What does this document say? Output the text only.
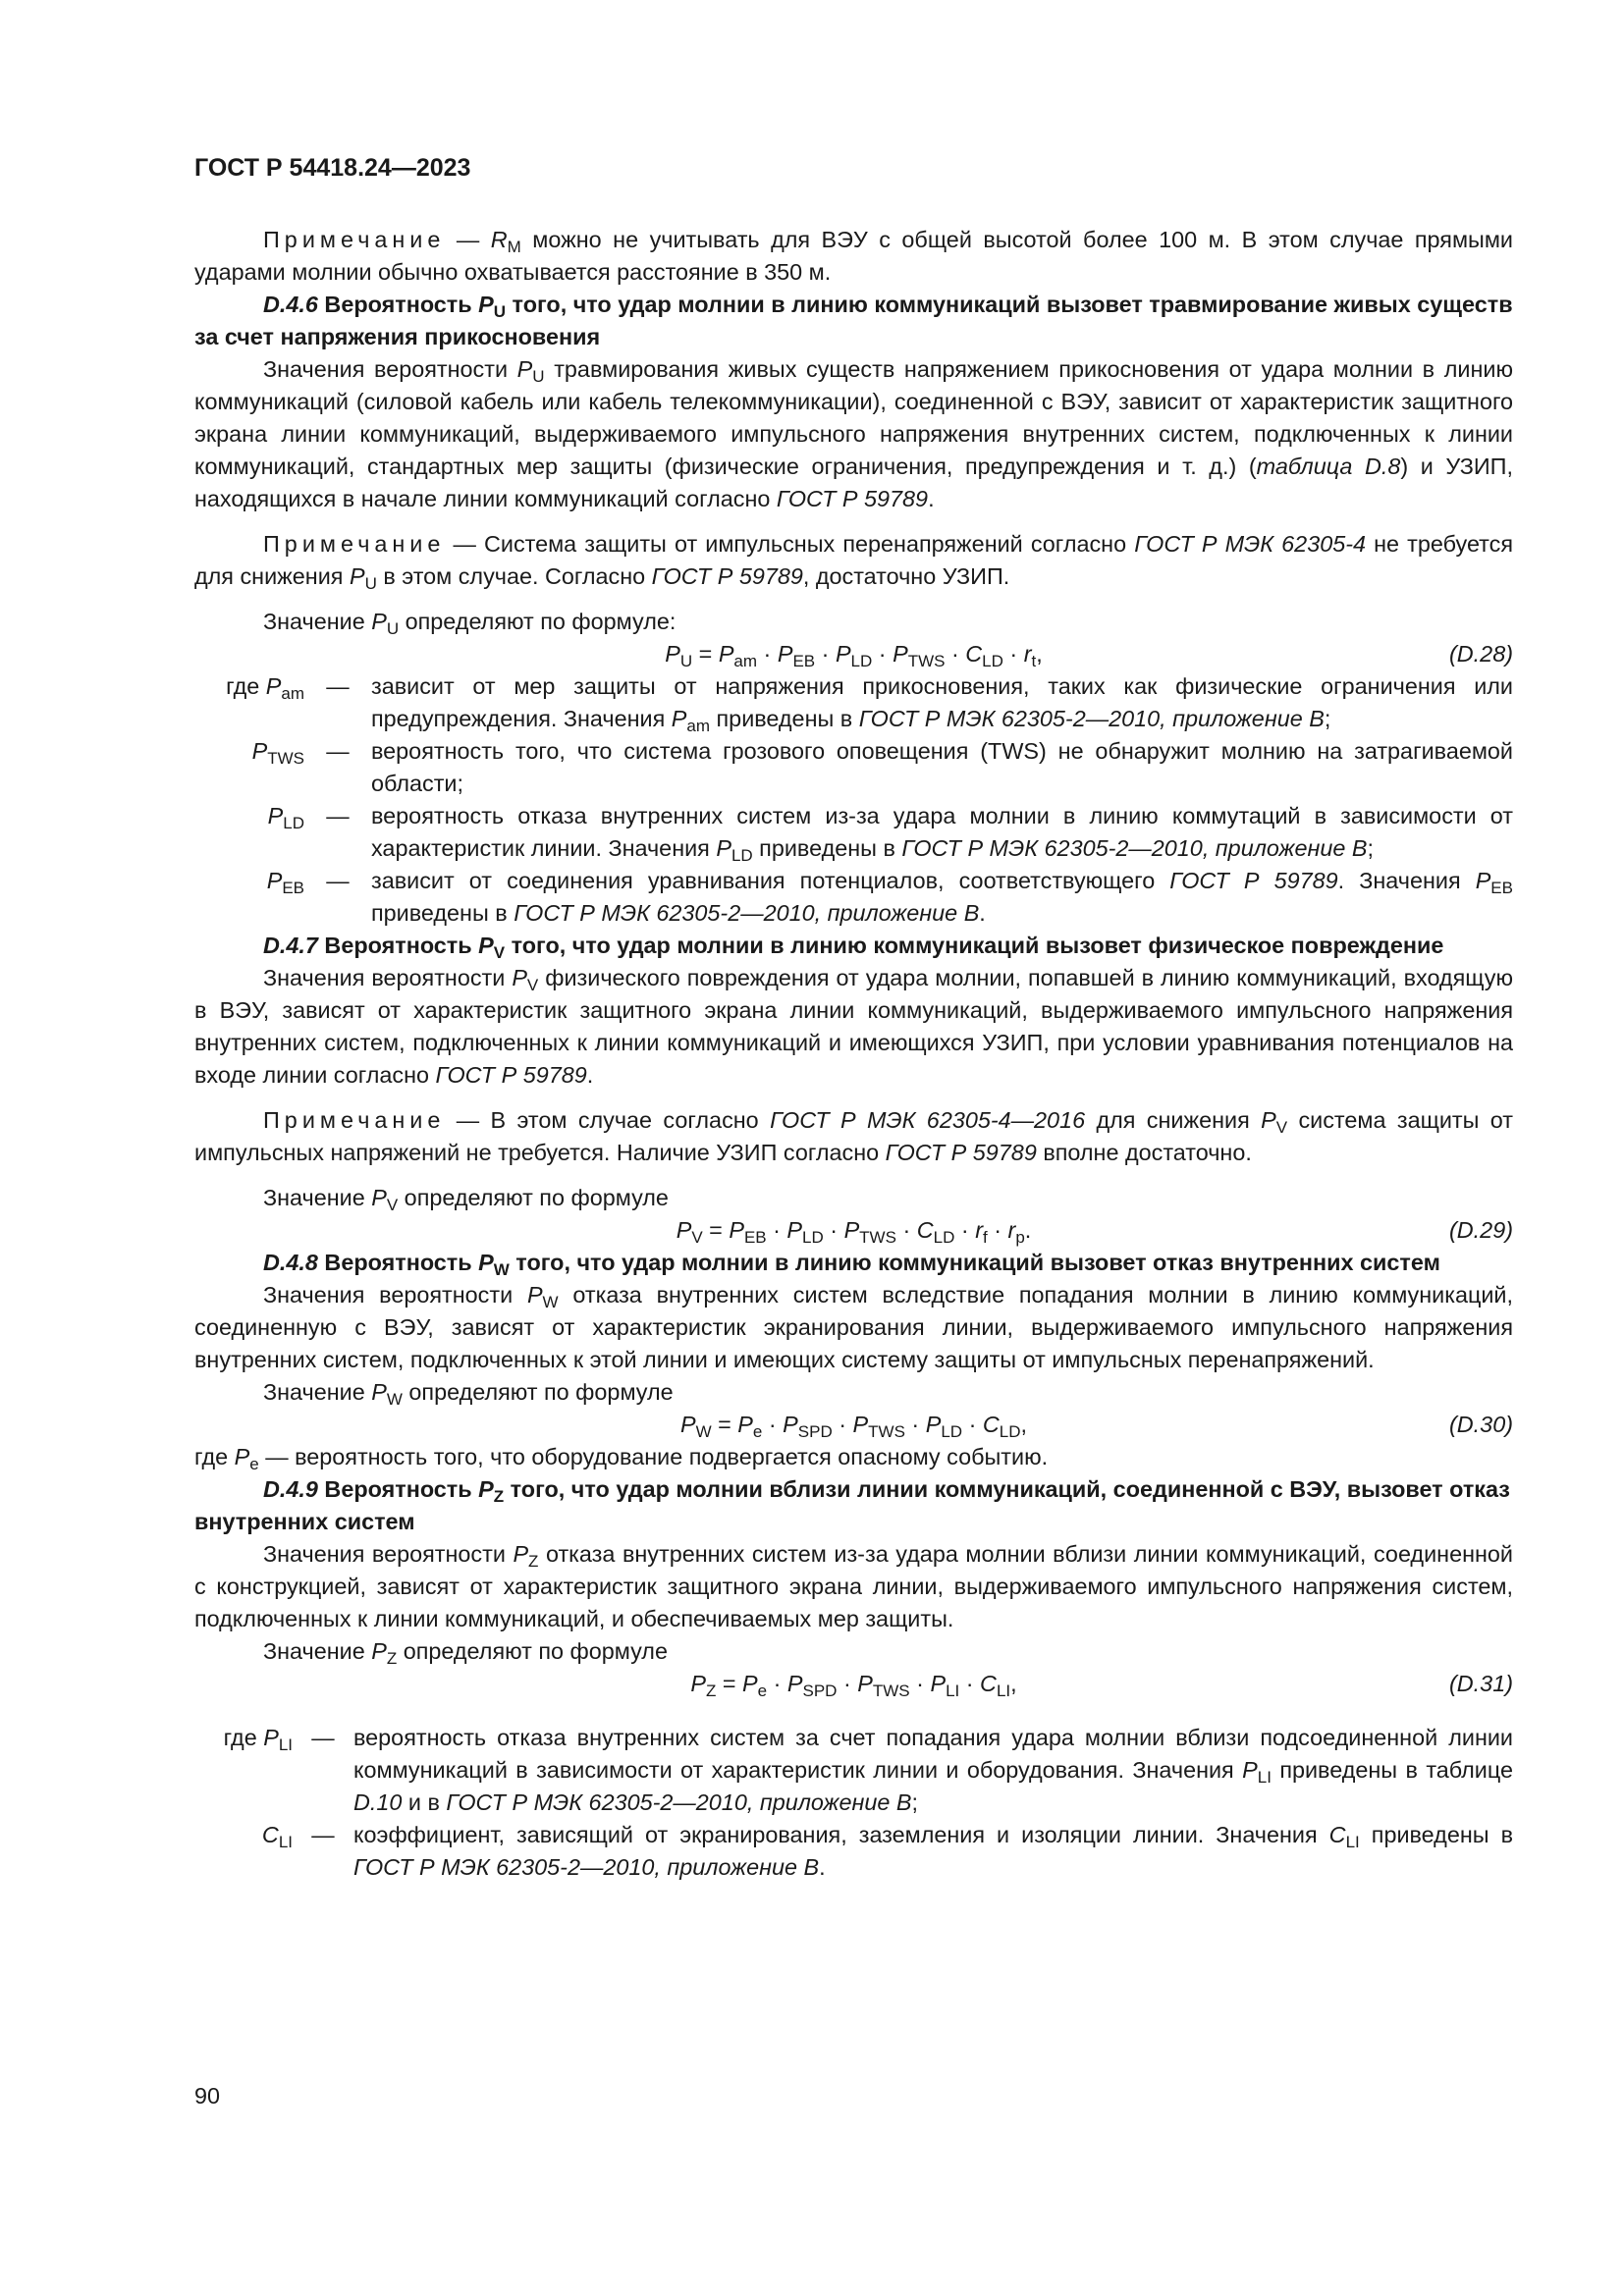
ГОСТ Р 54418.24—2023

Примечание — $R_M$ можно не учитывать для ВЭУ с общей высотой более 100 м. В этом случае прямыми ударами молнии обычно охватывается расстояние в 350 м.

D.4.6 Вероятность $P_U$ того, что удар молнии в линию коммуникаций вызовет травмирование живых существ за счет напряжения прикосновения

Значения вероятности $P_U$ травмирования живых существ напряжением прикосновения от удара молнии в линию коммуникаций (силовой кабель или кабель телекоммуникации), соединенной с ВЭУ, зависит от характеристик защитного экрана линии коммуникаций, выдерживаемого импульсного напряжения внутренних систем, подключенных к линии коммуникаций, стандартных мер защиты (физические ограничения, предупреждения и т. д.) (таблица D.8) и УЗИП, находящихся в начале линии коммуникаций согласно ГОСТ Р 59789.

Примечание — Система защиты от импульсных перенапряжений согласно ГОСТ Р МЭК 62305-4 не требуется для снижения $P_U$ в этом случае. Согласно ГОСТ Р 59789, достаточно УЗИП.

Значение $P_U$ определяют по формуле:

$P_U = P_{am} \cdot P_{EB} \cdot P_{LD} \cdot P_{TWS} \cdot C_{LD} \cdot r_t$,	(D.28)
где $P_{am}$ — зависит от мер защиты от напряжения прикосновения, таких как физические ограничения или предупреждения. Значения $P_{am}$ приведены в ГОСТ Р МЭК 62305-2—2010, приложение B;
$P_{TWS}$ — вероятность того, что система грозового оповещения (TWS) не обнаружит молнию на затрагиваемой области;
$P_{LD}$ — вероятность отказа внутренних систем из-за удара молнии в линию коммутаций в зависимости от характеристик линии. Значения $P_{LD}$ приведены в ГОСТ Р МЭК 62305-2—2010, приложение B;
$P_{EB}$ — зависит от соединения уравнивания потенциалов, соответствующего ГОСТ Р 59789. Значения $P_{EB}$ приведены в ГОСТ Р МЭК 62305-2—2010, приложение B.

D.4.7 Вероятность $P_V$ того, что удар молнии в линию коммуникаций вызовет физическое повреждение

Значения вероятности $P_V$ физического повреждения от удара молнии, попавшей в линию коммуникаций, входящую в ВЭУ, зависят от характеристик защитного экрана линии коммуникаций, выдерживаемого импульсного напряжения внутренних систем, подключенных к линии коммуникаций и имеющихся УЗИП, при условии уравнивания потенциалов на входе линии согласно ГОСТ Р 59789.

Примечание — В этом случае согласно ГОСТ Р МЭК 62305-4—2016 для снижения $P_V$ система защиты от импульсных напряжений не требуется. Наличие УЗИП согласно ГОСТ Р 59789 вполне достаточно.

Значение $P_V$ определяют по формуле

$P_V = P_{EB} \cdot P_{LD} \cdot P_{TWS} \cdot C_{LD} \cdot r_f \cdot r_p$.	(D.29)

D.4.8 Вероятность $P_W$ того, что удар молнии в линию коммуникаций вызовет отказ внутренних систем

Значения вероятности $P_W$ отказа внутренних систем вследствие попадания молнии в линию коммуникаций, соединенную с ВЭУ, зависят от характеристик экранирования линии, выдерживаемого импульсного напряжения внутренних систем, подключенных к этой линии и имеющих систему защиты от импульсных перенапряжений.

Значение $P_W$ определяют по формуле

$P_W = P_e \cdot P_{SPD} \cdot P_{TWS} \cdot P_{LD} \cdot C_{LD}$,	(D.30)

где $P_e$ — вероятность того, что оборудование подвергается опасному событию.

D.4.9 Вероятность $P_Z$ того, что удар молнии вблизи линии коммуникаций, соединенной с ВЭУ, вызовет отказ внутренних систем

Значения вероятности $P_Z$ отказа внутренних систем из-за удара молнии вблизи линии коммуникаций, соединенной с конструкцией, зависят от характеристик защитного экрана линии, выдерживаемого импульсного напряжения систем, подключенных к линии коммуникаций, и обеспечиваемых мер защиты.

Значение $P_Z$ определяют по формуле

$P_Z = P_e \cdot P_{SPD} \cdot P_{TWS} \cdot P_{LI} \cdot C_{LI}$,	(D.31)
где $P_{LI}$ — вероятность отказа внутренних систем за счет попадания удара молнии вблизи подсоединенной линии коммуникаций в зависимости от характеристик линии и оборудования. Значения $P_{LI}$ приведены в таблице D.10 и в ГОСТ Р МЭК 62305-2—2010, приложение B;
$C_{LI}$ — коэффициент, зависящий от экранирования, заземления и изоляции линии. Значения $C_{LI}$ приведены в ГОСТ Р МЭК 62305-2—2010, приложение B.
90
